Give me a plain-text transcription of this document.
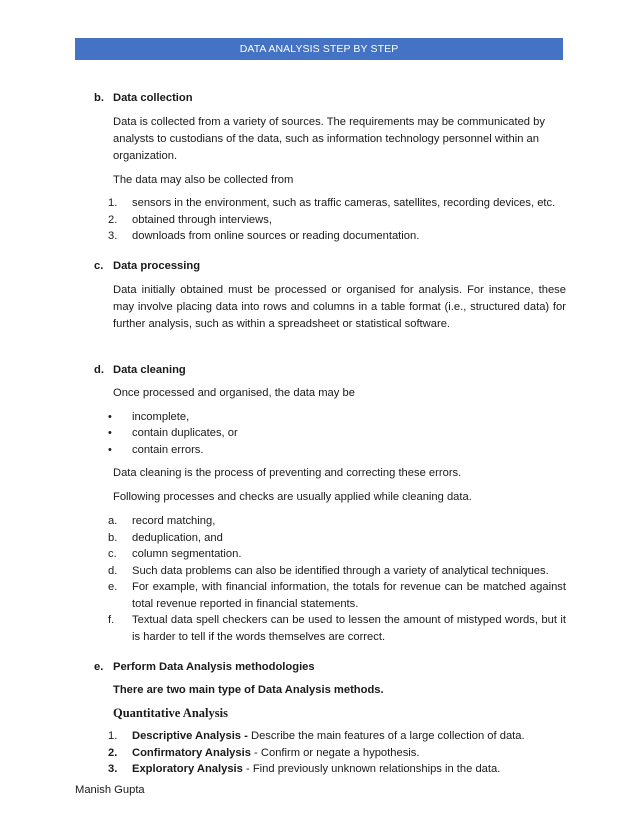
DATA ANALYSIS STEP BY STEP
b. Data collection

Data is collected from a variety of sources. The requirements may be communicated by analysts to custodians of the data, such as information technology personnel within an organization.

The data may also be collected from

1.	sensors in the environment, such as traffic cameras, satellites, recording devices, etc.
2.	obtained through interviews,
3.	downloads from online sources or reading documentation.
c. Data processing

Data initially obtained must be processed or organised for analysis. For instance, these may involve placing data into rows and columns in a table format (i.e., structured data) for further analysis, such as within a spreadsheet or statistical software.

d. Data cleaning

Once processed and organised, the data may be

•	incomplete,
•	contain duplicates, or
•	contain errors.

Data cleaning is the process of preventing and correcting these errors.

Following processes and checks are usually applied while cleaning data.

a.	record matching,
b.	deduplication, and
c.	column segmentation.
d.	Such data problems can also be identified through a variety of analytical techniques.
e.	For example, with financial information, the totals for revenue can be matched against total revenue reported in financial statements.
f.	Textual data spell checkers can be used to lessen the amount of mistyped words, but it is harder to tell if the words themselves are correct.
e. Perform Data Analysis methodologies

There are two main type of Data Analysis methods.

Quantitative Analysis

1.	Descriptive Analysis - Describe the main features of a large collection of data.
2.	Confirmatory Analysis - Confirm or negate a hypothesis.
3.	Exploratory Analysis - Find previously unknown relationships in the data.
Manish Gupta
